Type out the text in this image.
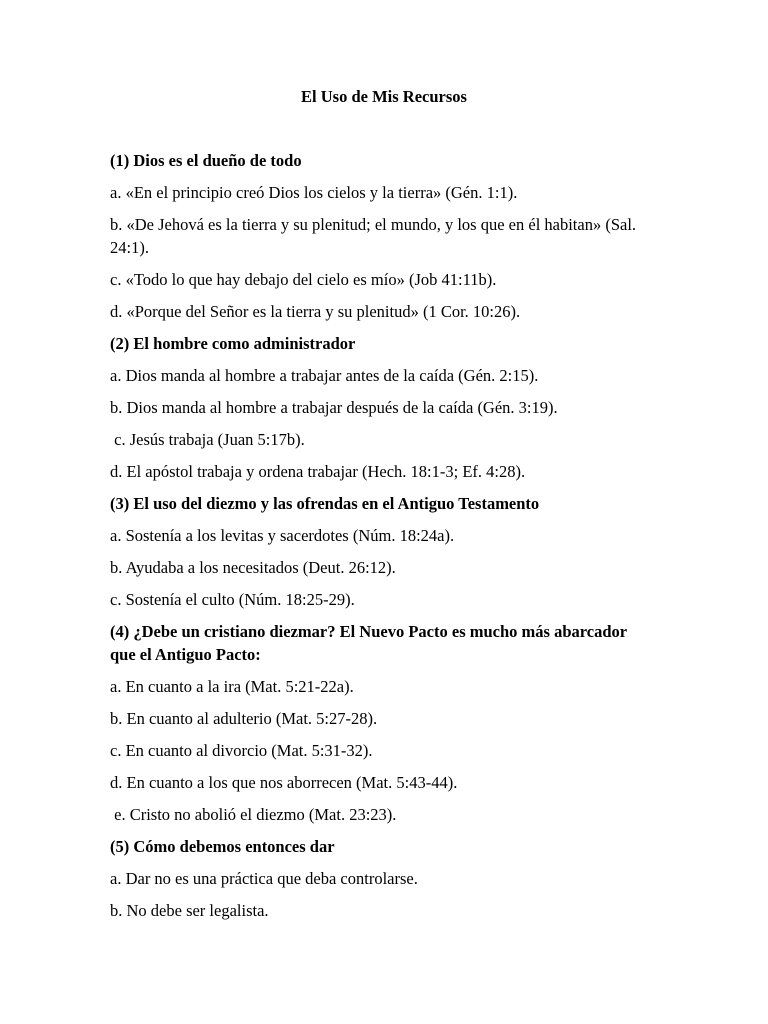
El Uso de Mis Recursos

(1) Dios es el dueño de todo

a. «En el principio creó Dios los cielos y la tierra» (Gén. 1:1).

b. «De Jehová es la tierra y su plenitud; el mundo, y los que en él habitan» (Sal. 24:1).

c. «Todo lo que hay debajo del cielo es mío» (Job 41:11b).

d. «Porque del Señor es la tierra y su plenitud» (1 Cor. 10:26).

(2) El hombre como administrador

a. Dios manda al hombre a trabajar antes de la caída (Gén. 2:15).

b. Dios manda al hombre a trabajar después de la caída (Gén. 3:19).

c. Jesús trabaja (Juan 5:17b).

d. El apóstol trabaja y ordena trabajar (Hech. 18:1-3; Ef. 4:28).

(3) El uso del diezmo y las ofrendas en el Antiguo Testamento

a. Sostenía a los levitas y sacerdotes (Núm. 18:24a).

b. Ayudaba a los necesitados (Deut. 26:12).

c. Sostenía el culto (Núm. 18:25-29).

(4) ¿Debe un cristiano diezmar? El Nuevo Pacto es mucho más abarcador que el Antiguo Pacto:

a. En cuanto a la ira (Mat. 5:21-22a).

b. En cuanto al adulterio (Mat. 5:27-28).

c. En cuanto al divorcio (Mat. 5:31-32).

d. En cuanto a los que nos aborrecen (Mat. 5:43-44).

e. Cristo no abolió el diezmo (Mat. 23:23).

(5) Cómo debemos entonces dar

a. Dar no es una práctica que deba controlarse.

b. No debe ser legalista.
